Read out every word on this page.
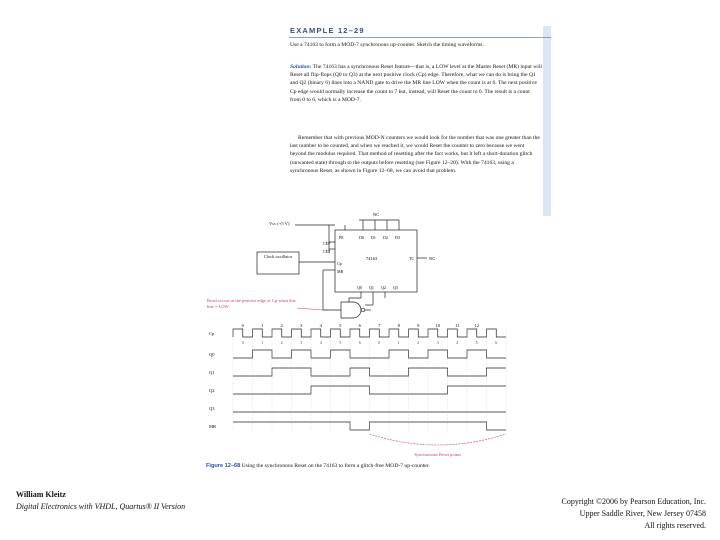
EXAMPLE 12–29
Use a 74163 to form a MOD-7 synchronous up-counter. Sketch the timing waveforms.
Solution: The 74163 has a synchronous Reset feature—that is, a LOW level at the Master Reset (MR) input will Reset all flip-flops (Q0 to Q3) at the next positive clock (Cp) edge. Therefore, what we can do is bring the Q1 and Q2 (binary 6) lines into a NAND gate to drive the MR line LOW when the count is at 6. The next positive Cp edge would normally increase the count to 7 but, instead, will Reset the count to 0. The result is a count from 0 to 6, which is a MOD-7.
Remember that with previous MOD-N counters we would look for the number that was one greater than the last number to be counted, and when we reached it, we would Reset the counter to zero because we went beyond the modulus required. That method of resetting after the fact works, but it left a short-duration glitch (unwanted state) through to the outputs before resetting (see Figure 12–20). With the 74163, using a synchronous Reset, as shown in Figure 12–68, we can avoid that problem.
Vcc (+5 V)
NC
NC
74163
PE	D0 D1 D2 D3
CEP
CET
Cp
MR
TC
Q0 Q1 Q2 Q3
Clock oscillator
Reset occurs at the positive edge of Cp when this line = LOW.
Cp
Q0
Q1
Q2
Q3
MR
0	1	2	3	4	5	6	7	8	9	10	11	12
0	1	2	3	4	5	6	0	1	2	3	4	5	6
Synchronous Reset points
Figure 12–68 Using the synchronous Reset on the 74163 to form a glitch-free MOD-7 up-counter.
William Kleitz
Digital Electronics with VHDL, Quartus® II Version
Copyright ©2006 by Pearson Education, Inc.
Upper Saddle River, New Jersey 07458
All rights reserved.
